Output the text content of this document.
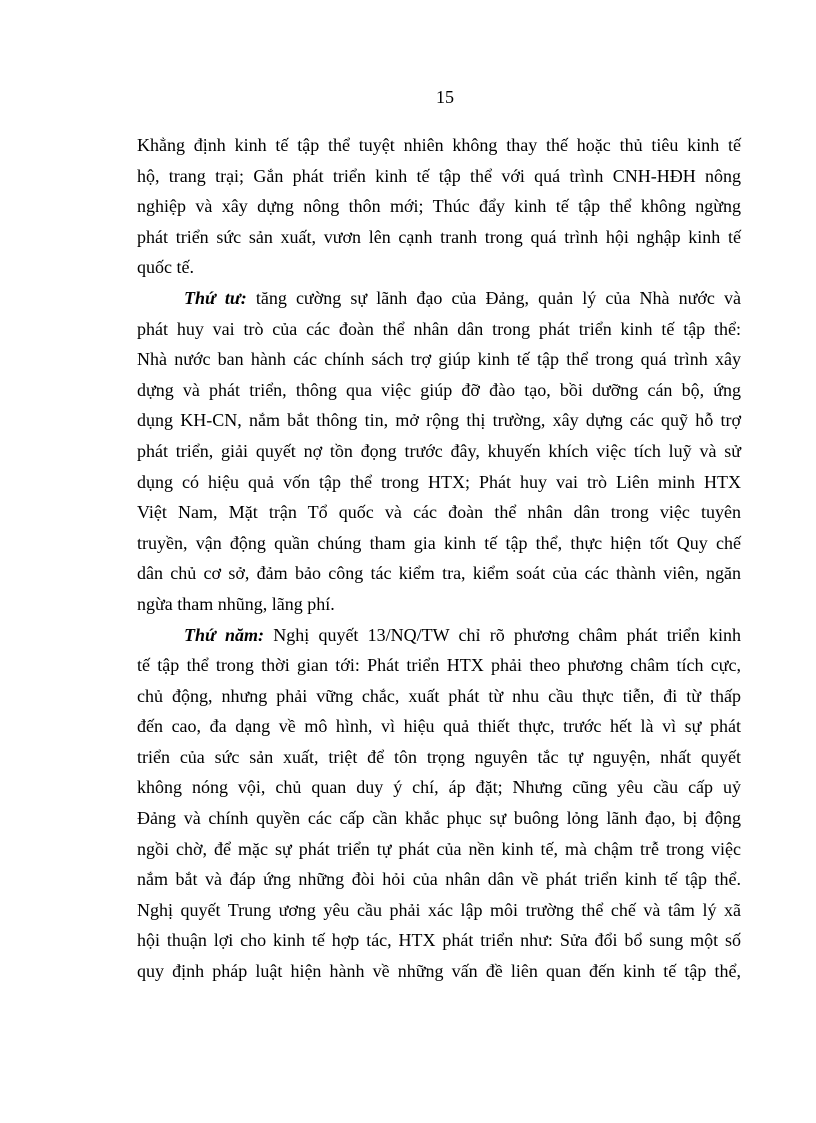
15
Khẳng định kinh tế tập thể tuyệt nhiên không thay thế hoặc thủ tiêu kinh tế
hộ, trang trại; Gắn phát triển kinh tế tập thể với quá trình CNH-HĐH nông
nghiệp và xây dựng nông thôn mới; Thúc đẩy kinh tế tập thể không ngừng
phát triển sức sản xuất, vươn lên cạnh tranh trong quá trình hội nghập kinh tế
quốc tế.
Thứ tư: tăng cường sự lãnh đạo của Đảng, quản lý của Nhà nước và
phát huy vai trò của các đoàn thể nhân dân trong phát triển kinh tế tập thể:
Nhà nước ban hành các chính sách trợ giúp kinh tế tập thể trong quá trình xây
dựng và phát triển, thông qua việc giúp đỡ đào tạo, bồi dưỡng cán bộ, ứng
dụng KH-CN, nắm bắt thông tin, mở rộng thị trường, xây dựng các quỹ hỗ trợ
phát triển, giải quyết nợ tồn đọng trước đây, khuyến khích việc tích luỹ và sử
dụng có hiệu quả vốn tập thể trong HTX; Phát huy vai trò Liên minh HTX
Việt Nam, Mặt trận Tổ quốc và các đoàn thể nhân dân trong việc tuyên
truyền, vận động quần chúng tham gia kinh tế tập thể, thực hiện tốt Quy chế
dân chủ cơ sở, đảm bảo công tác kiểm tra, kiểm soát của các thành viên, ngăn
ngừa tham nhũng, lãng phí.
Thứ năm: Nghị quyết 13/NQ/TW chỉ rõ phương châm phát triển kinh
tế tập thể trong thời gian tới: Phát triển HTX phải theo phương châm tích cực,
chủ động, nhưng phải vững chắc, xuất phát từ nhu cầu thực tiễn, đi từ thấp
đến cao, đa dạng về mô hình, vì hiệu quả thiết thực, trước hết là vì sự phát
triển của sức sản xuất, triệt để tôn trọng nguyên tắc tự nguyện, nhất quyết
không nóng vội, chủ quan duy ý chí, áp đặt; Nhưng cũng yêu cầu cấp uỷ
Đảng và chính quyền các cấp cần khắc phục sự buông lỏng lãnh đạo, bị động
ngồi chờ, để mặc sự phát triển tự phát của nền kinh tế, mà chậm trễ trong việc
nắm bắt và đáp ứng những đòi hỏi của nhân dân về phát triển kinh tế tập thể.
Nghị quyết Trung ương yêu cầu phải xác lập môi trường thể chế và tâm lý xã
hội thuận lợi cho kinh tế hợp tác, HTX phát triển như: Sửa đổi bổ sung một số
quy định pháp luật hiện hành về những vấn đề liên quan đến kinh tế tập thể,
